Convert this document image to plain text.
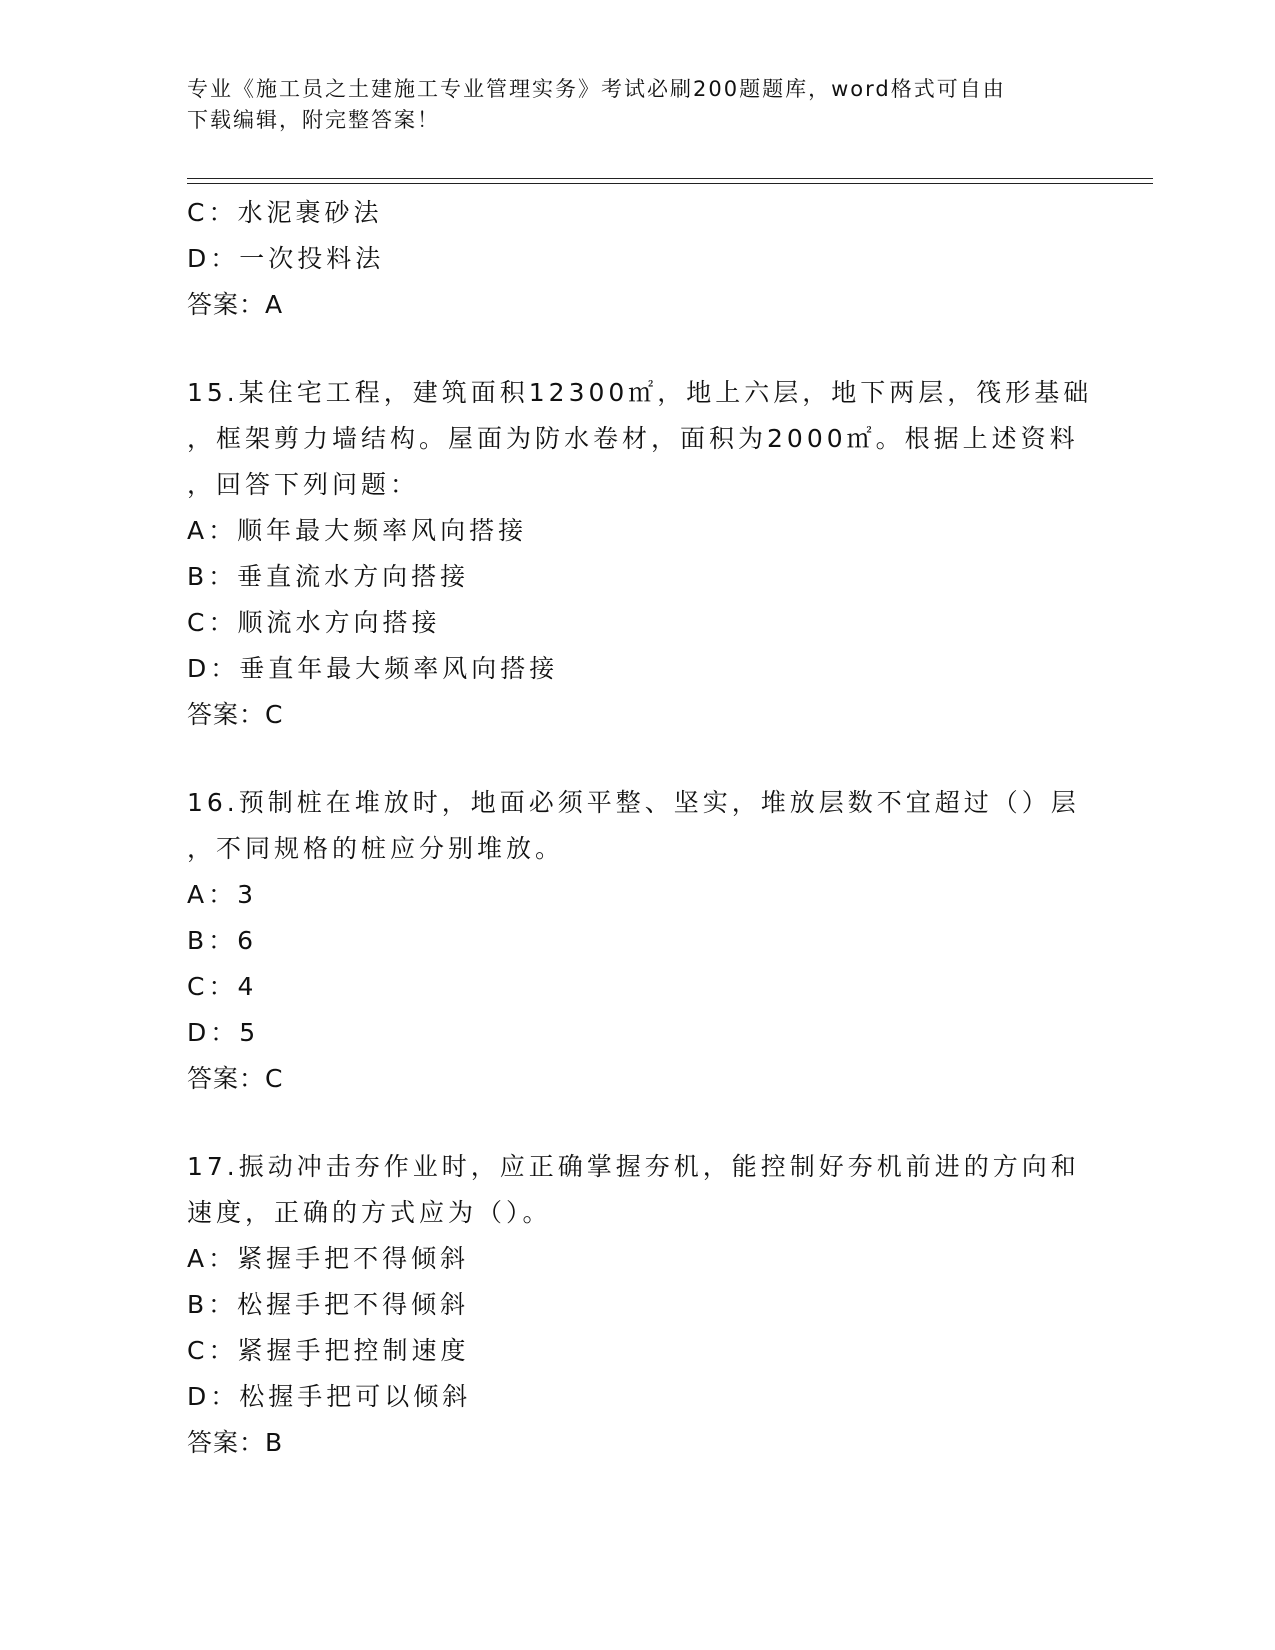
专业《施工员之土建施工专业管理实务》考试必刷200题题库，word格式可自由
下载编辑，附完整答案！
C：水泥裹砂法
D：一次投料法
答案：A
15.某住宅工程，建筑面积12300㎡，地上六层，地下两层，筏形基础
，框架剪力墙结构。屋面为防水卷材，面积为2000㎡。根据上述资料
，回答下列问题：
A：顺年最大频率风向搭接
B：垂直流水方向搭接
C：顺流水方向搭接
D：垂直年最大频率风向搭接
答案：C
16.预制桩在堆放时，地面必须平整、坚实，堆放层数不宜超过（）层
，不同规格的桩应分别堆放。
A：3
B：6
C：4
D：5
答案：C
17.振动冲击夯作业时，应正确掌握夯机，能控制好夯机前进的方向和
速度，正确的方式应为（）。
A：紧握手把不得倾斜
B：松握手把不得倾斜
C：紧握手把控制速度
D：松握手把可以倾斜
答案：B
